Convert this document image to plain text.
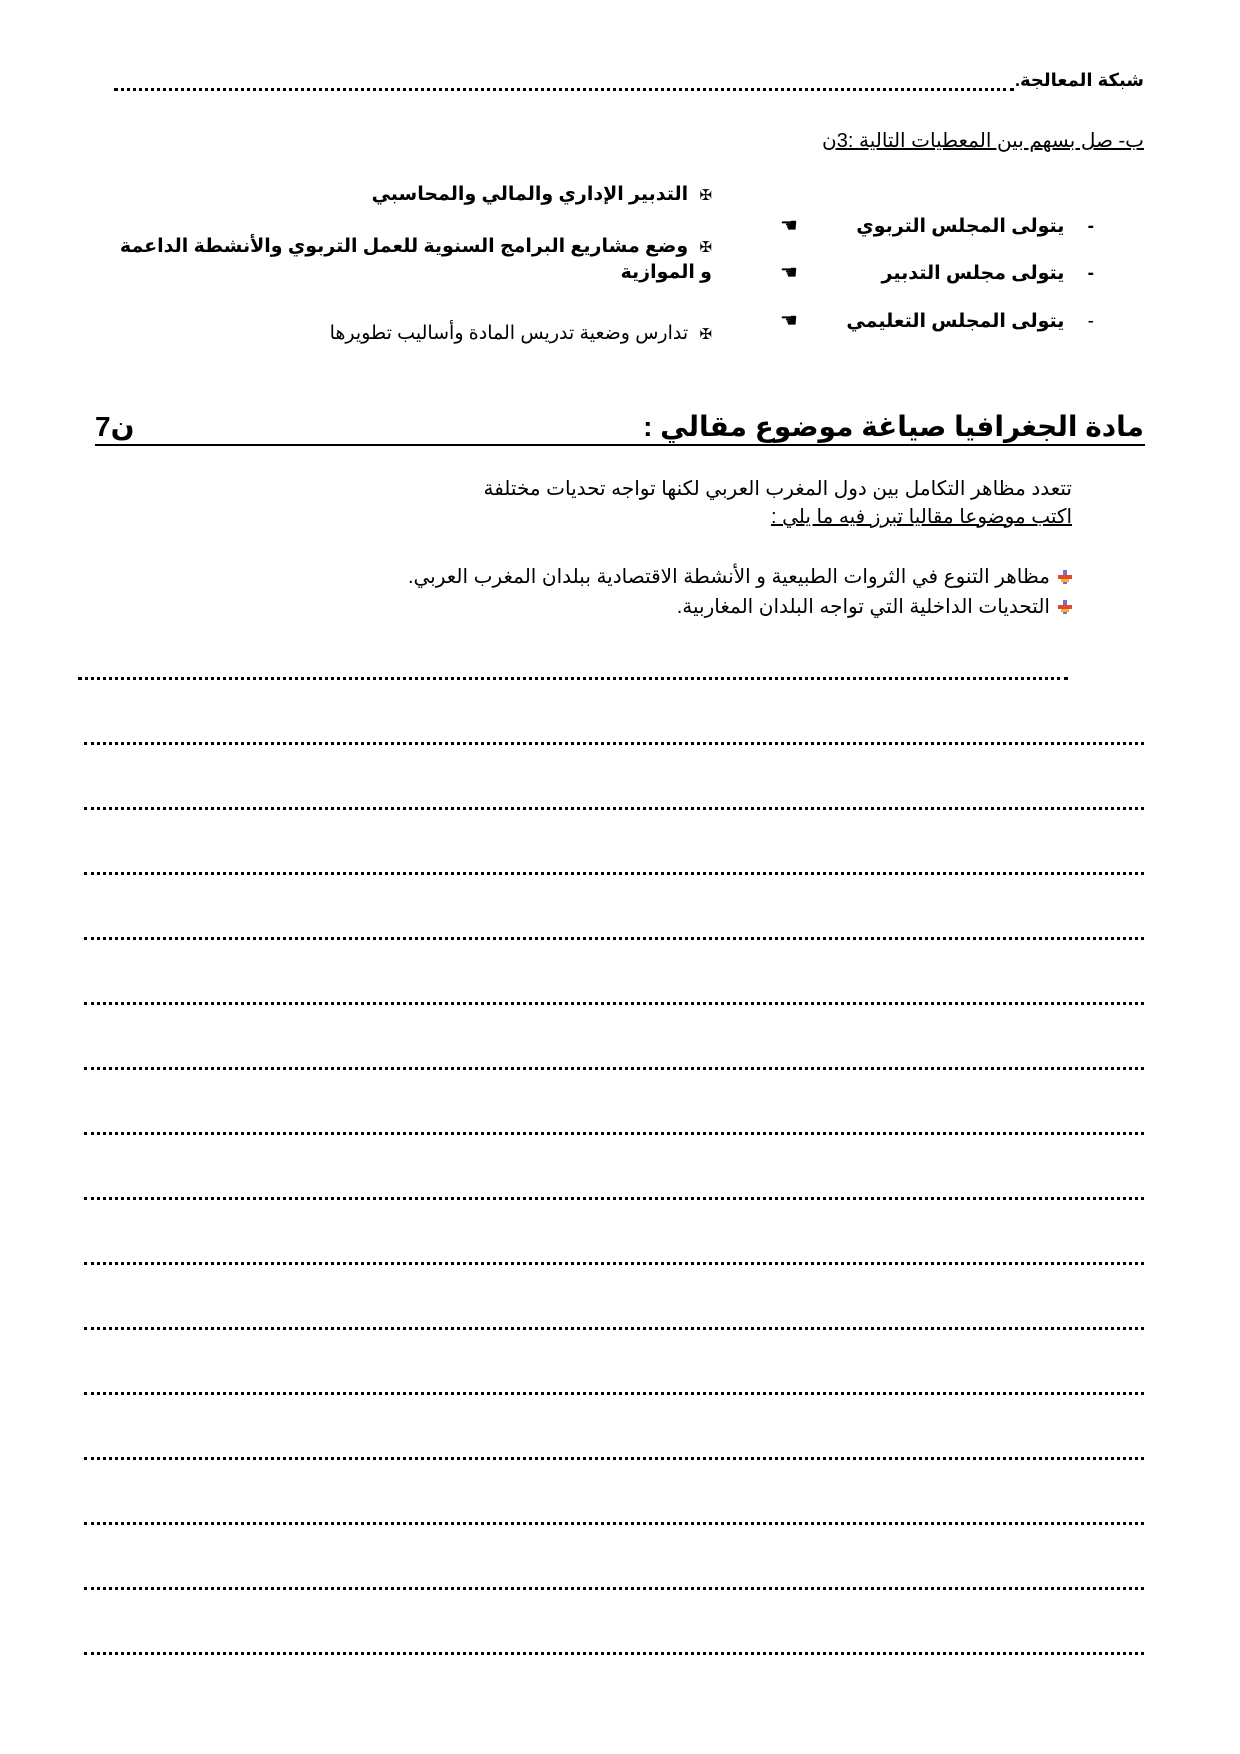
شبكة المعالجة.
ب- صل بسهم بين المعطيات التالية :3ن
✠ التدبير الإداري والمالي والمحاسبي
✠ وضع مشاريع البرامج السنوية للعمل التربوي والأنشطة الداعمة و الموازية
✠ تدارس وضعية تدريس المادة وأساليب تطويرها
- يتولى المجلس التربوي
☚
- يتولى مجلس التدبير
☚
- يتولى المجلس التعليمي
☚
مادة الجغرافيا صياغة موضوع مقالي :
7ن
تتعدد مظاهر التكامل بين دول المغرب العربي لكنها تواجه تحديات مختلفة
اكتب موضوعا مقاليا تبرز فيه ما يلي :
مظاهر التنوع في الثروات الطبيعية و الأنشطة الاقتصادية ببلدان المغرب العربي.
التحديات الداخلية التي تواجه البلدان المغاربية.
